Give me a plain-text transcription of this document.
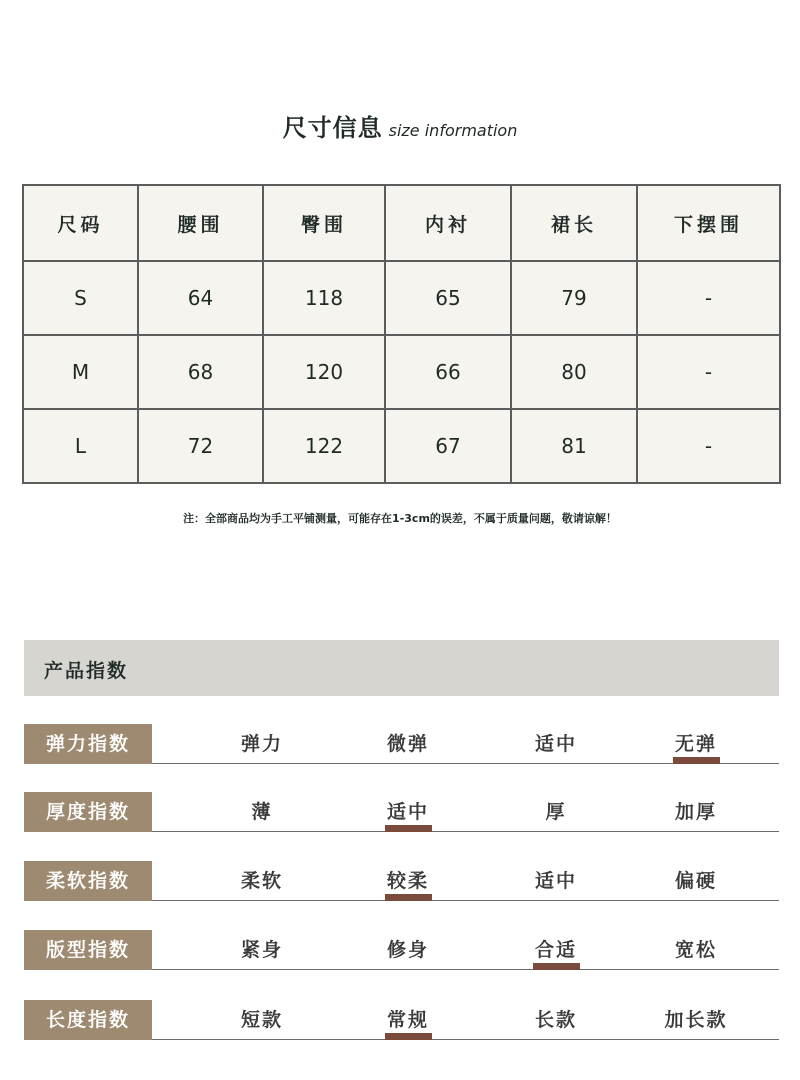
尺寸信息 size information
尺码	腰围	臀围	内衬	裙长	下摆围
S	64	118	65	79	-
M	68	120	66	80	-
L	72	122	67	81	-
注：全部商品均为手工平铺测量，可能存在1-3cm的误差，不属于质量问题，敬请谅解！
产品指数
弹力指数	弹力	微弹	适中	无弹
厚度指数	薄	适中	厚	加厚
柔软指数	柔软	较柔	适中	偏硬
版型指数	紧身	修身	合适	宽松
长度指数	短款	常规	长款	加长款
